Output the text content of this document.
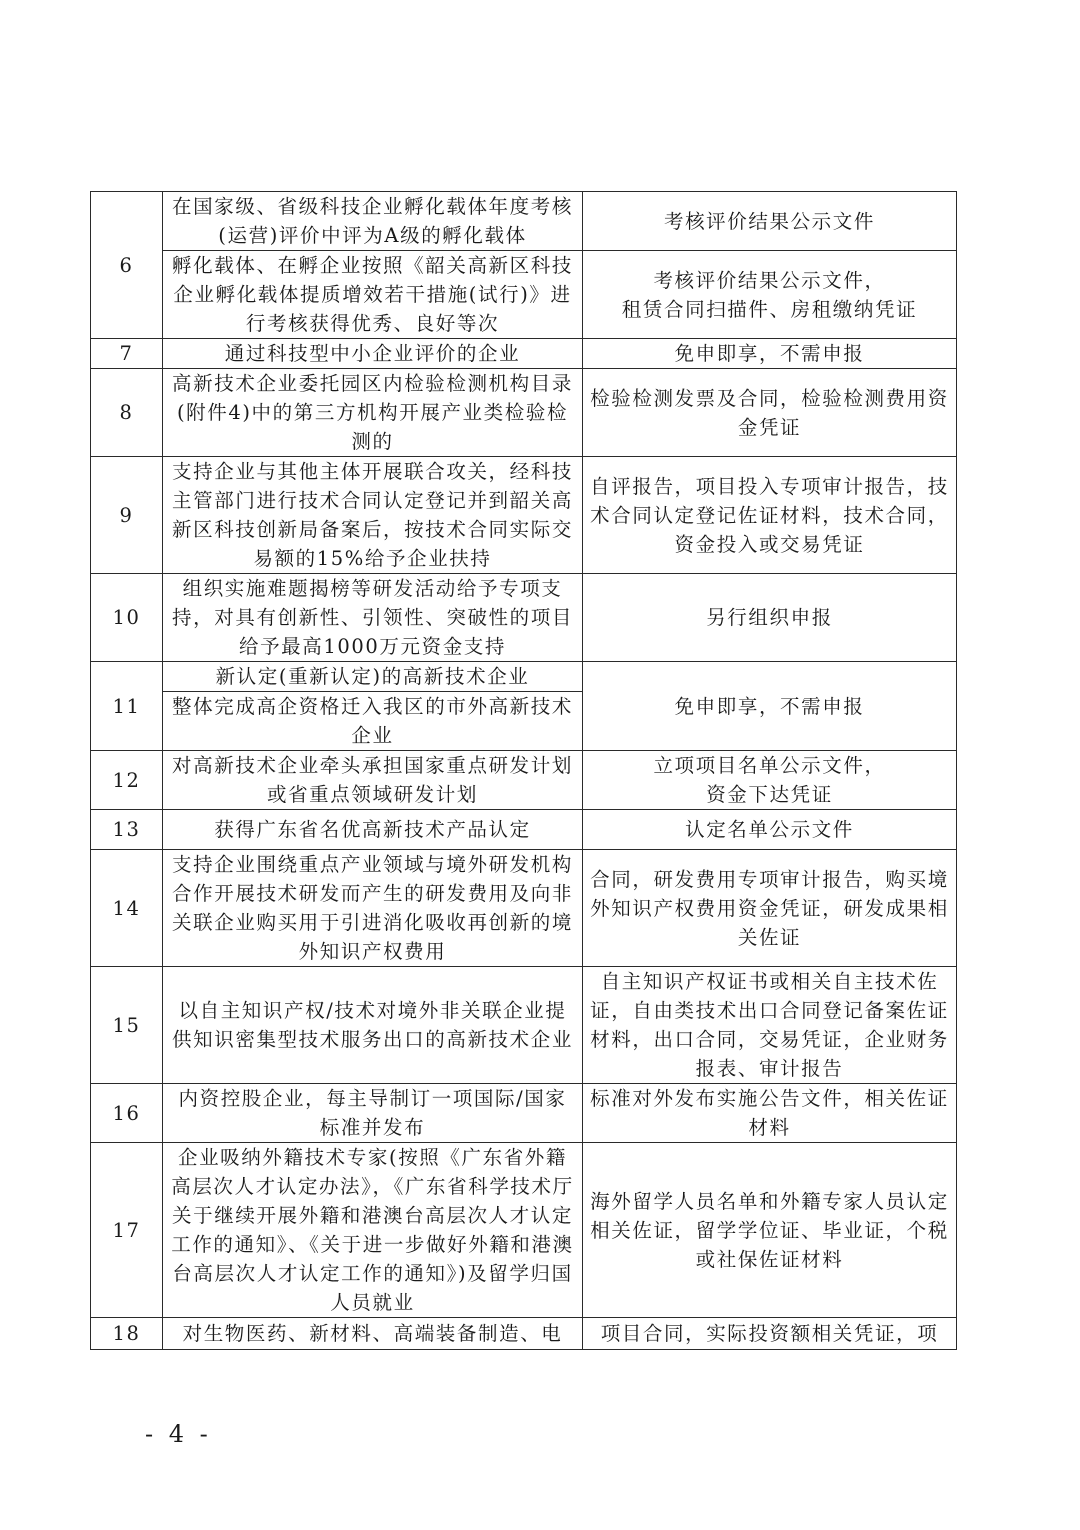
6	在国家级、省级科技企业孵化载体年度考核(运营)评价中评为A级的孵化载体	考核评价结果公示文件
	孵化载体、在孵企业按照《韶关高新区科技企业孵化载体提质增效若干措施(试行)》进行考核获得优秀、良好等次	考核评价结果公示文件，
租赁合同扫描件、房租缴纳凭证
7	通过科技型中小企业评价的企业	免申即享，不需申报
8	高新技术企业委托园区内检验检测机构目录(附件4)中的第三方机构开展产业类检验检测的	检验检测发票及合同，检验检测费用资金凭证
9	支持企业与其他主体开展联合攻关，经科技主管部门进行技术合同认定登记并到韶关高新区科技创新局备案后，按技术合同实际交易额的15%给予企业扶持	自评报告，项目投入专项审计报告，技术合同认定登记佐证材料，技术合同，资金投入或交易凭证
10	组织实施难题揭榜等研发活动给予专项支持，对具有创新性、引领性、突破性的项目给予最高1000万元资金支持	另行组织申报
11	新认定(重新认定)的高新技术企业	免申即享，不需申报
	整体完成高企资格迁入我区的市外高新技术企业	
12	对高新技术企业牵头承担国家重点研发计划或省重点领域研发计划	立项项目名单公示文件，
资金下达凭证
13	获得广东省名优高新技术产品认定	认定名单公示文件
14	支持企业围绕重点产业领域与境外研发机构合作开展技术研发而产生的研发费用及向非关联企业购买用于引进消化吸收再创新的境外知识产权费用	合同，研发费用专项审计报告，购买境外知识产权费用资金凭证，研发成果相关佐证
15	以自主知识产权/技术对境外非关联企业提供知识密集型技术服务出口的高新技术企业	自主知识产权证书或相关自主技术佐证，自由类技术出口合同登记备案佐证材料，出口合同，交易凭证，企业财务报表、审计报告
16	内资控股企业，每主导制订一项国际/国家标准并发布	标准对外发布实施公告文件，相关佐证材料
17	企业吸纳外籍技术专家(按照《广东省外籍高层次人才认定办法》，《广东省科学技术厅关于继续开展外籍和港澳台高层次人才认定工作的通知》、《关于进一步做好外籍和港澳台高层次人才认定工作的通知》)及留学归国人员就业	海外留学人员名单和外籍专家人员认定相关佐证，留学学位证、毕业证，个税或社保佐证材料
18	对生物医药、新材料、高端装备制造、电	项目合同，实际投资额相关凭证，项
- 4 -
